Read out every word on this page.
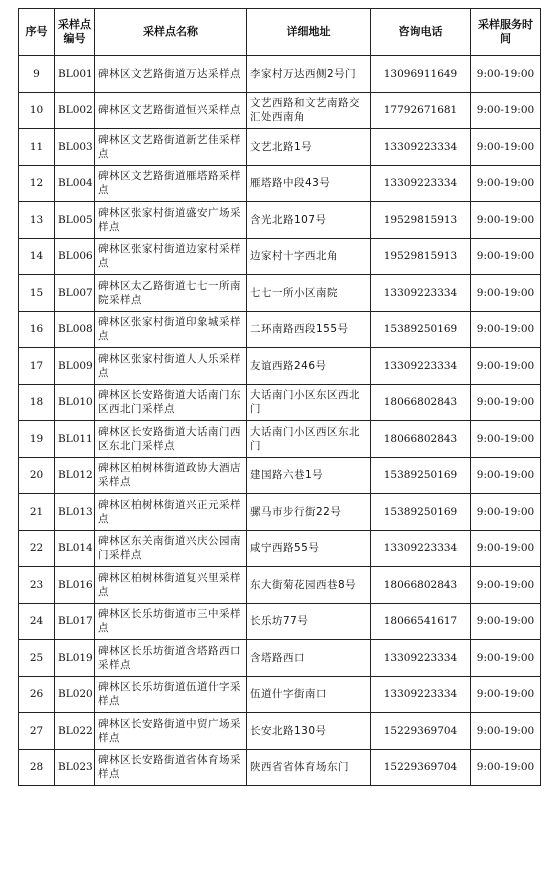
序号	采样点编号	采样点名称	详细地址	咨询电话	采样服务时间
9	BL001	碑林区文艺路街道万达采样点	李家村万达西侧2号门	13096911649	9:00-19:00
10	BL002	碑林区文艺路街道恒兴采样点	文艺西路和文艺南路交汇处西南角	17792671681	9:00-19:00
11	BL003	碑林区文艺路街道新艺佳采样点	文艺北路1号	13309223334	9:00-19:00
12	BL004	碑林区文艺路街道雁塔路采样点	雁塔路中段43号	13309223334	9:00-19:00
13	BL005	碑林区张家村街道盛安广场采样点	含光北路107号	19529815913	9:00-19:00
14	BL006	碑林区张家村街道边家村采样点	边家村十字西北角	19529815913	9:00-19:00
15	BL007	碑林区太乙路街道七七一所南院采样点	七七一所小区南院	13309223334	9:00-19:00
16	BL008	碑林区张家村街道印象城采样点	二环南路西段155号	15389250169	9:00-19:00
17	BL009	碑林区张家村街道人人乐采样点	友谊西路246号	13309223334	9:00-19:00
18	BL010	碑林区长安路街道大话南门东区西北门采样点	大话南门小区东区西北门	18066802843	9:00-19:00
19	BL011	碑林区长安路街道大话南门西区东北门采样点	大话南门小区西区东北门	18066802843	9:00-19:00
20	BL012	碑林区柏树林街道政协大酒店采样点	建国路六巷1号	15389250169	9:00-19:00
21	BL013	碑林区柏树林街道兴正元采样点	骡马市步行街22号	15389250169	9:00-19:00
22	BL014	碑林区东关南街道兴庆公园南门采样点	咸宁西路55号	13309223334	9:00-19:00
23	BL016	碑林区柏树林街道复兴里采样点	东大街菊花园西巷8号	18066802843	9:00-19:00
24	BL017	碑林区长乐坊街道市三中采样点	长乐坊77号	18066541617	9:00-19:00
25	BL019	碑林区长乐坊街道含塔路西口采样点	含塔路西口	13309223334	9:00-19:00
26	BL020	碑林区长乐坊街道伍道什字采样点	伍道什字街南口	13309223334	9:00-19:00
27	BL022	碑林区长安路街道中贸广场采样点	长安北路130号	15229369704	9:00-19:00
28	BL023	碑林区长安路街道省体育场采样点	陕西省省体育场东门	15229369704	9:00-19:00
